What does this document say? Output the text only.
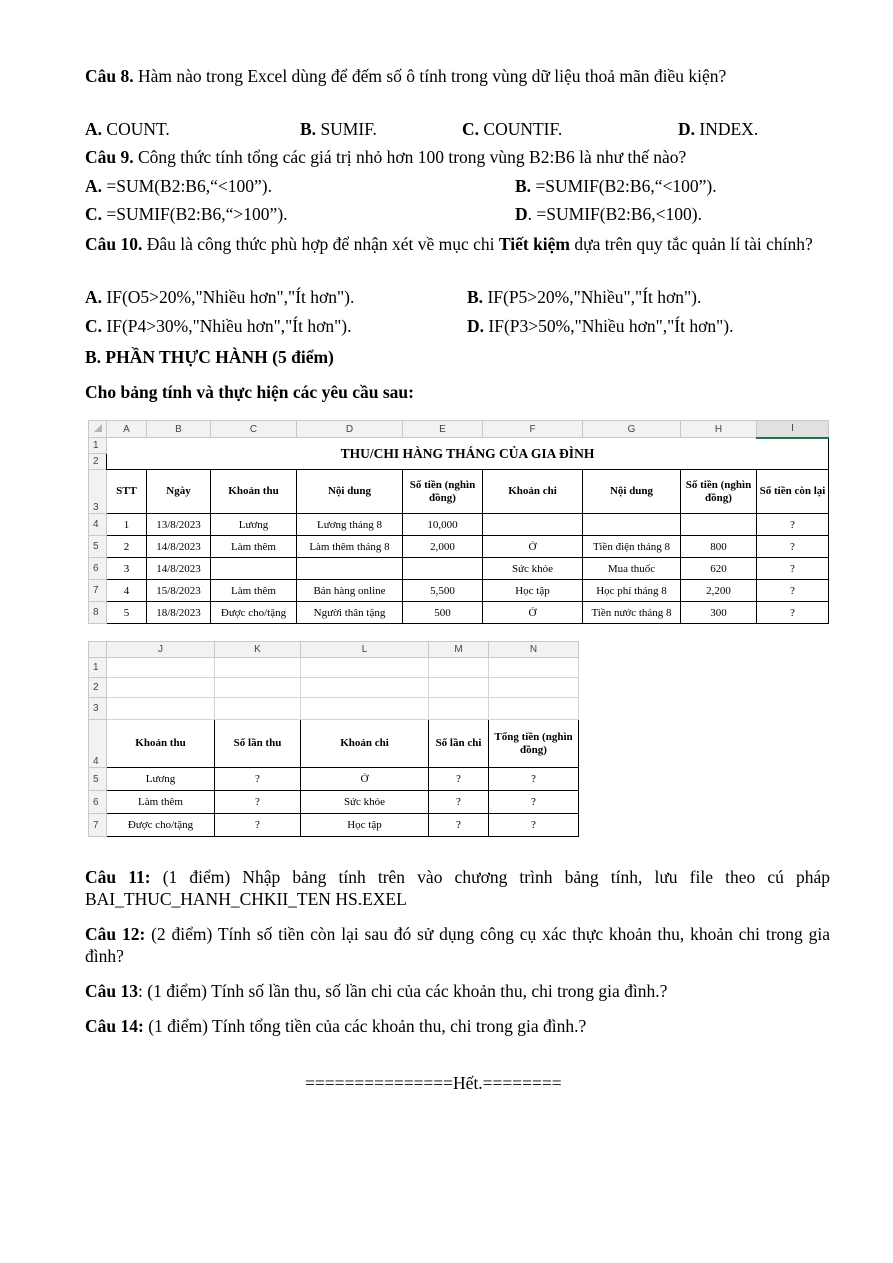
Câu 8. Hàm nào trong Excel dùng để đếm số ô tính trong vùng dữ liệu thoả mãn điều kiện?
A. COUNT.	B. SUMIF.	C. COUNTIF.	D. INDEX.
Câu 9. Công thức tính tổng các giá trị nhỏ hơn 100 trong vùng B2:B6 là như thế nào?
A. =SUM(B2:B6,“<100”).	B. =SUMIF(B2:B6,“<100”).
C. =SUMIF(B2:B6,“>100”).	D. =SUMIF(B2:B6,<100).
Câu 10. Đâu là công thức phù hợp để nhận xét về mục chi Tiết kiệm dựa trên quy tắc quản lí tài chính?
A. IF(O5>20%,"Nhiều hơn","Ít hơn").	B. IF(P5>20%,"Nhiều","Ít hơn").
C. IF(P4>30%,"Nhiều hơn","Ít hơn").	D. IF(P3>50%,"Nhiều hơn","Ít hơn").
B. PHẦN THỰC HÀNH (5 điểm)
Cho bảng tính và thực hiện các yêu cầu sau:
	A	B	C	D	E	F	G	H	I
1	THU/CHI HÀNG THÁNG CỦA GIA ĐÌNH								
2									
3	STT	Ngày	Khoản thu	Nội dung	Số tiền (nghìn đồng)	Khoản chi	Nội dung	Số tiền (nghìn đồng)	Số tiền còn lại
4	1	13/8/2023	Lương	Lương tháng 8	10,000				?
5	2	14/8/2023	Làm thêm	Làm thêm tháng 8	2,000	Ở	Tiền điện tháng 8	800	?
6	3	14/8/2023				Sức khỏe	Mua thuốc	620	?
7	4	15/8/2023	Làm thêm	Bán hàng online	5,500	Học tập	Học phí tháng 8	2,200	?
8	5	18/8/2023	Được cho/tặng	Người thân tặng	500	Ở	Tiền nước tháng 8	300	?
	J	K	L	M	N
1					
2					
3					
4	Khoản thu	Số lần thu	Khoản chi	Số lần chi	Tổng tiền (nghìn đồng)
5	Lương	?	Ở	?	?
6	Làm thêm	?	Sức khỏe	?	?
7	Được cho/tặng	?	Học tập	?	?
Câu 11: (1 điểm) Nhập bảng tính trên vào chương trình bảng tính, lưu file theo cú pháp BAI_THUC_HANH_CHKII_TEN HS.EXEL
Câu 12: (2 điểm) Tính số tiền còn lại sau đó sử dụng công cụ xác thực khoản thu, khoản chi trong gia đình?
Câu 13: (1 điểm) Tính số lần thu, số lần chi của các khoản thu, chi trong gia đình.?
Câu 14: (1 điểm) Tính tổng tiền của các khoản thu, chi trong gia đình.?
===============Hết.========
